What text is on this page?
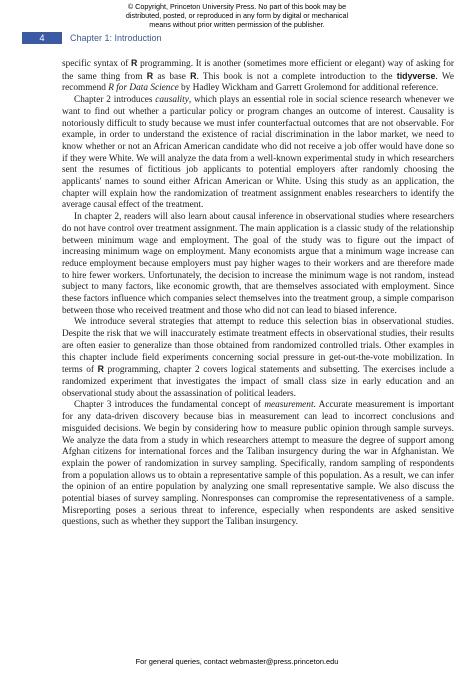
© Copyright, Princeton University Press. No part of this book may be
distributed, posted, or reproduced in any form by digital or mechanical
means without prior written permission of the publisher.
4	Chapter 1: Introduction

specific syntax of R programming. It is another (sometimes more efficient or elegant) way of asking for the same thing from R as base R. This book is not a complete introduction to the tidyverse. We recommend R for Data Science by Hadley Wickham and Garrett Grolemond for additional reference.

Chapter 2 introduces causality, which plays an essential role in social science research whenever we want to find out whether a particular policy or program changes an outcome of interest. Causality is notoriously difficult to study because we must infer counterfactual outcomes that are not observable. For example, in order to understand the existence of racial discrimination in the labor market, we need to know whether or not an African American candidate who did not receive a job offer would have done so if they were White. We will analyze the data from a well-known experimental study in which researchers sent the resumes of fictitious job applicants to potential employers after randomly choosing the applicants' names to sound either African American or White. Using this study as an application, the chapter will explain how the randomization of treatment assignment enables researchers to identify the average causal effect of the treatment.

In chapter 2, readers will also learn about causal inference in observational studies where researchers do not have control over treatment assignment. The main application is a classic study of the relationship between minimum wage and employment. The goal of the study was to figure out the impact of increasing minimum wage on employment. Many economists argue that a minimum wage increase can reduce employment because employers must pay higher wages to their workers and are therefore made to hire fewer workers. Unfortunately, the decision to increase the minimum wage is not random, instead subject to many factors, like economic growth, that are themselves associated with employment. Since these factors influence which companies select themselves into the treatment group, a simple comparison between those who received treatment and those who did not can lead to biased inference.

We introduce several strategies that attempt to reduce this selection bias in observational studies. Despite the risk that we will inaccurately estimate treatment effects in observational studies, their results are often easier to generalize than those obtained from randomized controlled trials. Other examples in this chapter include field experiments concerning social pressure in get-out-the-vote mobilization. In terms of R programming, chapter 2 covers logical statements and subsetting. The exercises include a randomized experiment that investigates the impact of small class size in early education and an observational study about the assassination of political leaders.

Chapter 3 introduces the fundamental concept of measurement. Accurate measurement is important for any data-driven discovery because bias in measurement can lead to incorrect conclusions and misguided decisions. We begin by considering how to measure public opinion through sample surveys. We analyze the data from a study in which researchers attempt to measure the degree of support among Afghan citizens for international forces and the Taliban insurgency during the war in Afghanistan. We explain the power of randomization in survey sampling. Specifically, random sampling of respondents from a population allows us to obtain a representative sample of this population. As a result, we can infer the opinion of an entire population by analyzing one small representative sample. We also discuss the potential biases of survey sampling. Nonresponses can compromise the representativeness of a sample. Misreporting poses a serious threat to inference, especially when respondents are asked sensitive questions, such as whether they support the Taliban insurgency.

For general queries, contact webmaster@press.princeton.edu
